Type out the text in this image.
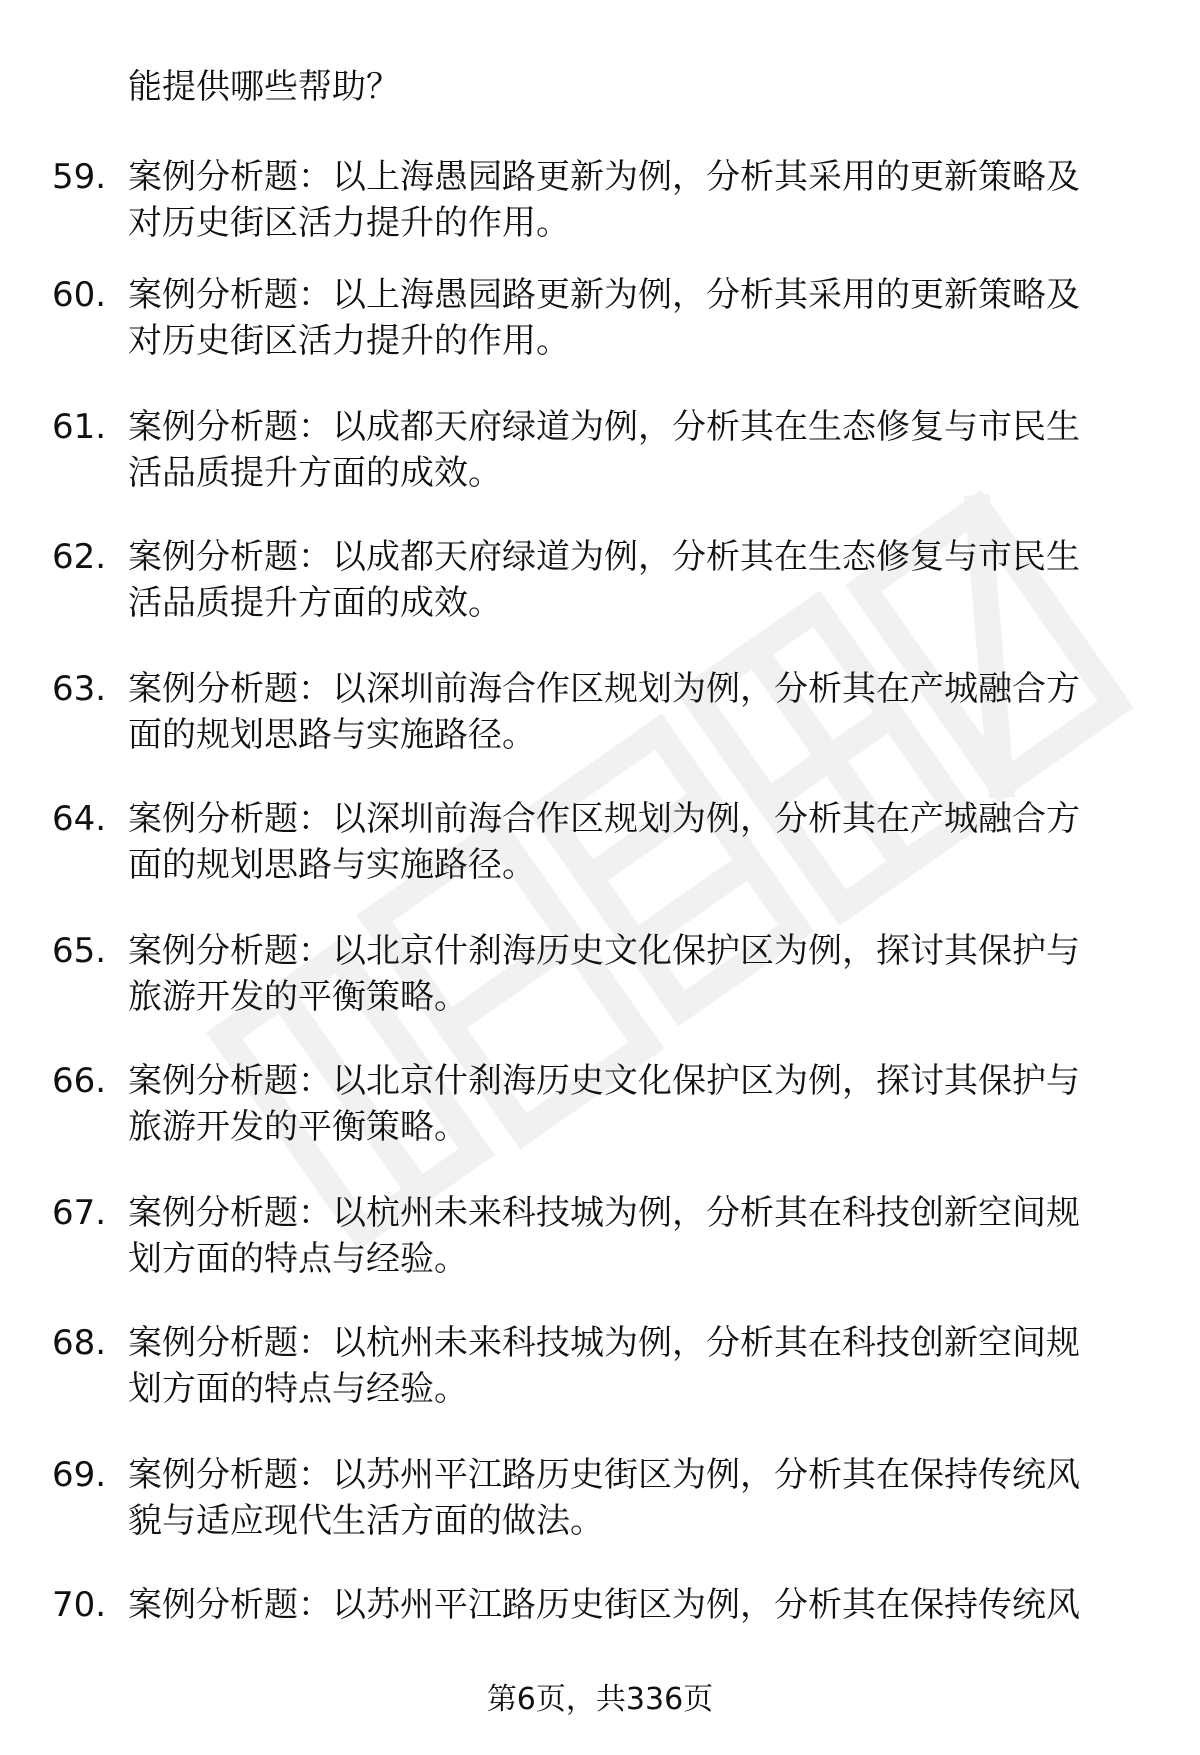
能提供哪些帮助？
59. 案例分析题：以上海愚园路更新为例，分析其采用的更新策略及
对历史街区活力提升的作用。
60. 案例分析题：以上海愚园路更新为例，分析其采用的更新策略及
对历史街区活力提升的作用。
61. 案例分析题：以成都天府绿道为例，分析其在生态修复与市民生
活品质提升方面的成效。
62. 案例分析题：以成都天府绿道为例，分析其在生态修复与市民生
活品质提升方面的成效。
63. 案例分析题：以深圳前海合作区规划为例，分析其在产城融合方
面的规划思路与实施路径。
64. 案例分析题：以深圳前海合作区规划为例，分析其在产城融合方
面的规划思路与实施路径。
65. 案例分析题：以北京什刹海历史文化保护区为例，探讨其保护与
旅游开发的平衡策略。
66. 案例分析题：以北京什刹海历史文化保护区为例，探讨其保护与
旅游开发的平衡策略。
67. 案例分析题：以杭州未来科技城为例，分析其在科技创新空间规
划方面的特点与经验。
68. 案例分析题：以杭州未来科技城为例，分析其在科技创新空间规
划方面的特点与经验。
69. 案例分析题：以苏州平江路历史街区为例，分析其在保持传统风
貌与适应现代生活方面的做法。
70. 案例分析题：以苏州平江路历史街区为例，分析其在保持传统风
第6页，共336页
